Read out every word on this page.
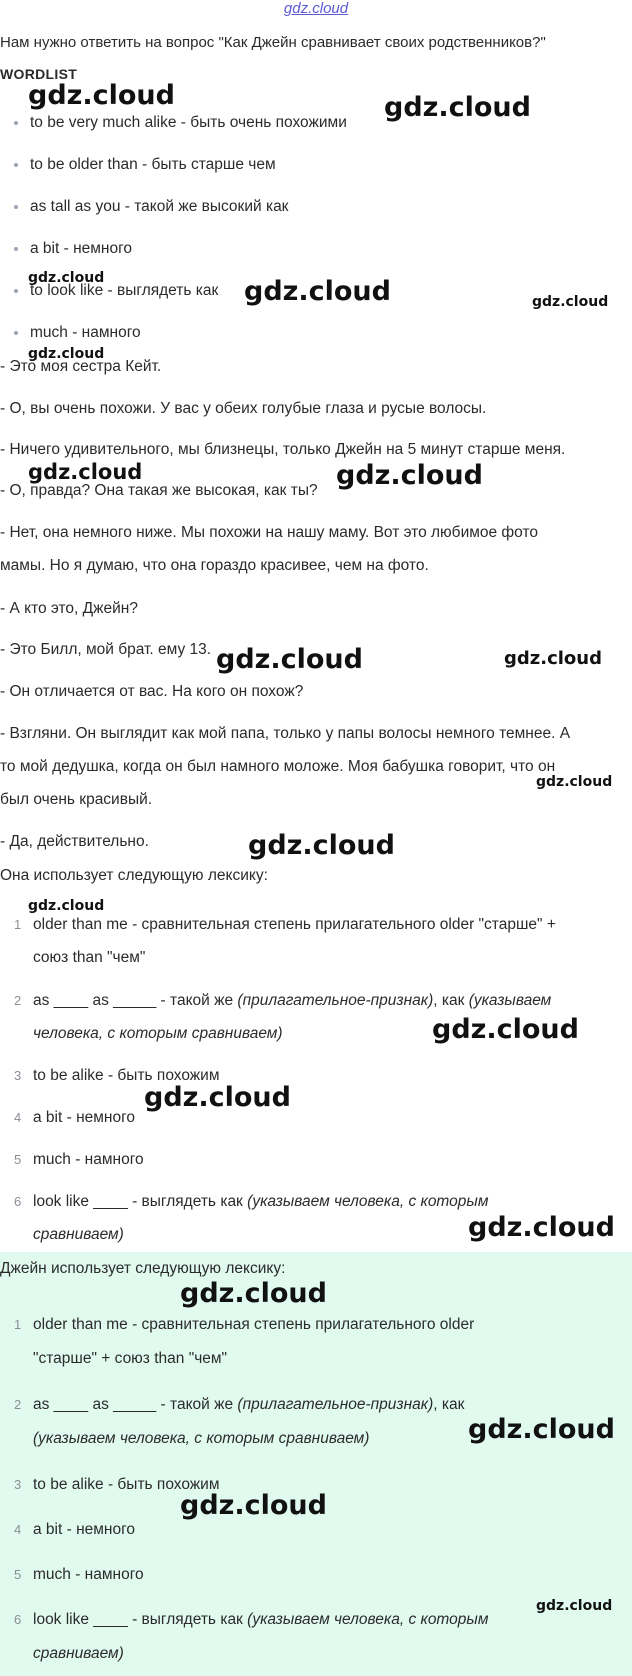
gdz.cloud
Нам нужно ответить на вопрос "Как Джейн сравнивает своих родственников?"
WORDLIST
to be very much alike - быть очень похожими
to be older than - быть старше чем
as tall as you - такой же высокий как
a bit - немного
to look like - выглядеть как
much - намного
- Это моя сестра Кейт.
- О, вы очень похожи. У вас у обеих голубые глаза и русые волосы.
- Ничего удивительного, мы близнецы, только Джейн на 5 минут старше меня.
- О, правда? Она такая же высокая, как ты?
- Нет, она немного ниже. Мы похожи на нашу маму. Вот это любимое фото
мамы. Но я думаю, что она гораздо красивее, чем на фото.
- А кто это, Джейн?
- Это Билл, мой брат. ему 13.
- Он отличается от вас. На кого он похож?
- Взгляни. Он выглядит как мой папа, только у папы волосы немного темнее. А
то мой дедушка, когда он был намного моложе. Моя бабушка говорит, что он
был очень красивый.
- Да, действительно.
Она использует следующую лексику:
1 older than me - сравнительная степень прилагательного older "старше" +
союз than "чем"
2 as ____ as _____ - такой же (прилагательное-признак), как (указываем
человека, с которым сравниваем)
3 to be alike - быть похожим
4 a bit - немного
5 much - намного
6 look like ____ - выглядеть как (указываем человека, с которым
сравниваем)
Джейн использует следующую лексику:
1 older than me - сравнительная степень прилагательного older
"старше" + союз than "чем"
2 as ____ as _____ - такой же (прилагательное-признак), как
(указываем человека, с которым сравниваем)
3 to be alike - быть похожим
4 a bit - немного
5 much - намного
6 look like ____ - выглядеть как (указываем человека, с которым
сравниваем)
gdz.cloud	gdz.cloud
gdz.cloud	gdz.cloud	gdz.cloud
gdz.cloud
gdz.cloud	gdz.cloud
gdz.cloud	gdz.cloud
gdz.cloud
gdz.cloud
gdz.cloud
gdz.cloud
gdz.cloud
gdz.cloud
gdz.cloud
gdz.cloud
gdz.cloud
gdz.cloud
